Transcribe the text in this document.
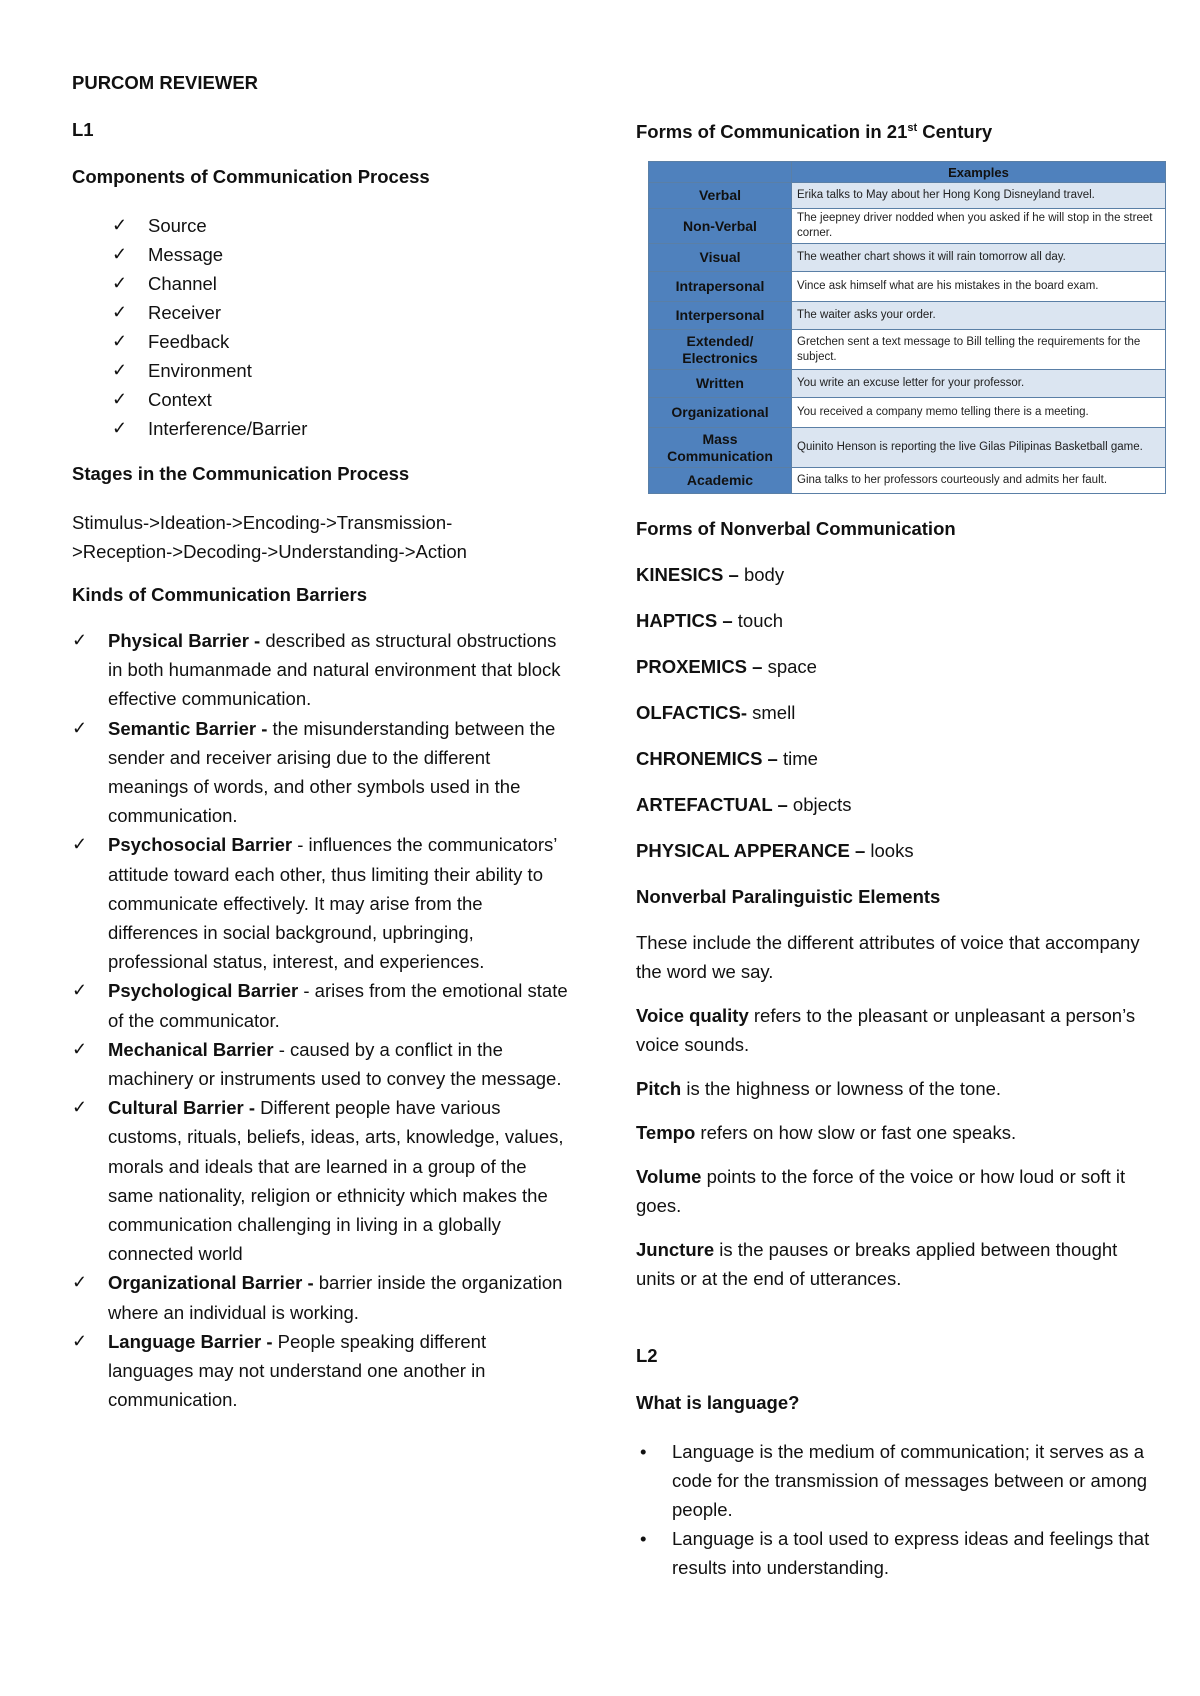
PURCOM REVIEWER

L1

Components of Communication Process

✓ Source
✓ Message
✓ Channel
✓ Receiver
✓ Feedback
✓ Environment
✓ Context
✓ Interference/Barrier

Stages in the Communication Process

Stimulus->Ideation->Encoding->Transmission-
>Reception->Decoding->Understanding->Action

Kinds of Communication Barriers

✓ Physical Barrier - described as structural obstructions in both humanmade and natural environment that block effective communication.
✓ Semantic Barrier - the misunderstanding between the sender and receiver arising due to the different meanings of words, and other symbols used in the communication.
✓ Psychosocial Barrier - influences the communicators’ attitude toward each other, thus limiting their ability to communicate effectively. It may arise from the differences in social background, upbringing, professional status, interest, and experiences.
✓ Psychological Barrier - arises from the emotional state of the communicator.
✓ Mechanical Barrier - caused by a conflict in the machinery or instruments used to convey the message.
✓ Cultural Barrier - Different people have various customs, rituals, beliefs, ideas, arts, knowledge, values, morals and ideals that are learned in a group of the same nationality, religion or ethnicity which makes the communication challenging in living in a globally connected world
✓ Organizational Barrier - barrier inside the organization where an individual is working.
✓ Language Barrier - People speaking different languages may not understand one another in communication.

Forms of Communication in 21st Century

	Examples
Verbal	Erika talks to May about her Hong Kong Disneyland travel.
Non-Verbal	The jeepney driver nodded when you asked if he will stop in the street corner.
Visual	The weather chart shows it will rain tomorrow all day.
Intrapersonal	Vince ask himself what are his mistakes in the board exam.
Interpersonal	The waiter asks your order.
Extended/ Electronics	Gretchen sent a text message to Bill telling the requirements for the subject.
Written	You write an excuse letter for your professor.
Organizational	You received a company memo telling there is a meeting.
Mass Communication	Quinito Henson is reporting the live Gilas Pilipinas Basketball game.
Academic	Gina talks to her professors courteously and admits her fault.

Forms of Nonverbal Communication

KINESICS – body

HAPTICS – touch

PROXEMICS – space

OLFACTICS- smell

CHRONEMICS – time

ARTEFACTUAL – objects

PHYSICAL APPERANCE – looks

Nonverbal Paralinguistic Elements

These include the different attributes of voice that accompany the word we say.

Voice quality refers to the pleasant or unpleasant a person’s voice sounds.

Pitch is the highness or lowness of the tone.

Tempo refers on how slow or fast one speaks.

Volume points to the force of the voice or how loud or soft it goes.

Juncture is the pauses or breaks applied between thought units or at the end of utterances.

L2

What is language?

• Language is the medium of communication; it serves as a code for the transmission of messages between or among people.
• Language is a tool used to express ideas and feelings that results into understanding.
